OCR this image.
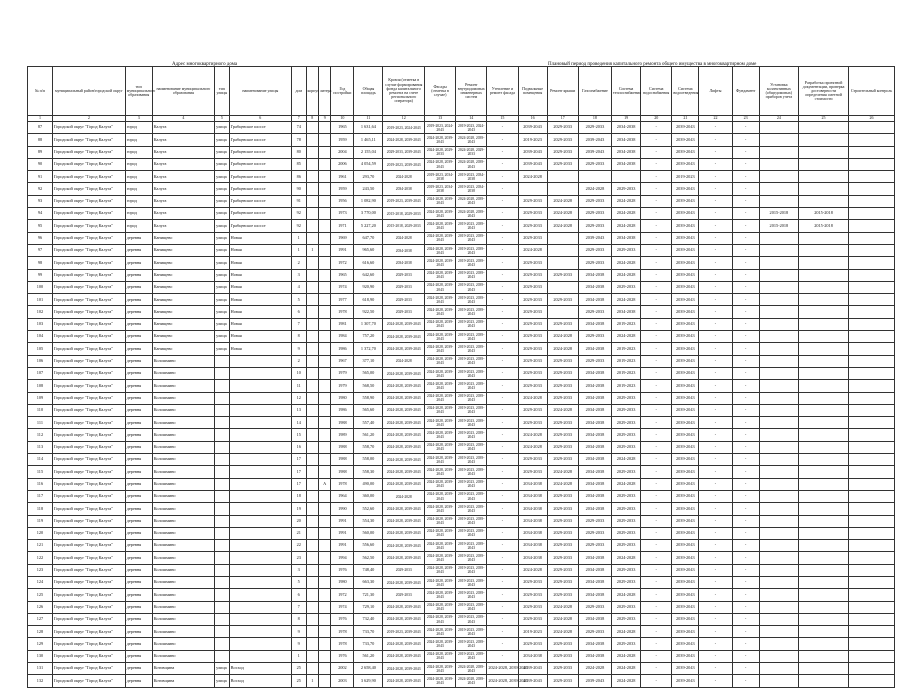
Адрес многоквартирного дома	Плановый период проведения капитального ремонта общего имущества в многоквартирном доме
№ п/п	муниципальный район/городской округ	тип муниципального образования	наименование муниципального образования	тип улицы	наименование улицы	дом	корпус	литера	Год постройки	Общая площадь	Кровля (отметка в случае формирования фонда капитального ремонта на счете регионального оператора)	Фасады (отметка в случае)	Ремонт внутридомовых инженерных систем	Утепление и ремонт фасада	Подвальные помещения	Ремонт крыши	Газоснабжение	Система теплоснабжения	Система водоснабжения	Система водоотведения	Лифты	Фундамент	Установка коллективных (общедомовых) приборов учета	Разработка проектной документации, проверка достоверности определения сметной стоимости	Строительный контроль
1	2	3	4	5	6	7	8	9	10	11	12	13	14	15	16	17	18	19	20	21	22	23	24	25	26
87	Городской округ "Город Калуга"	город	Калуга	улица	Грабцевское шоссе	74			1965	1 631,64	2019-2023, 2024-2043	2019-2023, 2024-2043	2019-2023, 2024-2043	-	2039-2043	2029-2033	2029-2033	2034-2038	-	2039-2043	-	-			
88	Городской округ "Город Калуга"	город	Калуга	улица	Грабцевское шоссе	78			1959	1 465,11	2024-2028, 2039-2043	2024-2028, 2039-2043	2024-2028, 2039-2043	-	2019-2023	2029-2033	2039-2043	2034-2038	-	2039-2043	-	-			
89	Городской округ "Город Калуга"	город	Калуга	улица	Грабцевское шоссе	80			2004	2 155,04	2029-2033, 2039-2043	2024-2028, 2029-2033	2024-2028, 2029-2033	-	2039-2043	2029-2033	2039-2043	2034-2038	-	2039-2043	-	-			
90	Городской округ "Город Калуга"	город	Калуга	улица	Грабцевское шоссе	85			2006	4 054,59	2019-2023, 2039-2043	2024-2028, 2039-2043	2024-2028, 2039-2043	-	2039-2043	2029-2033	2029-2033	2034-2038	-	2039-2043	-	-			
91	Городской округ "Город Калуга"	город	Калуга	улица	Грабцевское шоссе	86			1961	293,70	2024-2028	2019-2023, 2034-2038	2019-2023, 2034-2038	-	2024-2028				-	2019-2023	-	-			
92	Городской округ "Город Калуга"	город	Калуга	улица	Грабцевское шоссе	90			1959	243,50	2034-2038	2019-2023, 2034-2038	2019-2023, 2034-2038	-			2024-2028	2029-2033	-	2039-2043	-	-			
93	Городской округ "Город Калуга"	город	Калуга	улица	Грабцевское шоссе	91			1956	1 082,90	2019-2023, 2039-2043	2024-2028, 2039-2043	2024-2028, 2039-2043	-	2029-2033	2024-2028	2029-2033	2024-2028	-	2039-2043	-	-			
94	Городской округ "Город Калуга"	город	Калуга	улица	Грабцевское шоссе	92			1973	3 770,00	2015-2018, 2029-2033	2024-2028, 2039-2043	2024-2028, 2039-2043	-	2029-2033	2024-2028	2029-2033	2024-2028	-	2039-2043	-	-	2015-2018	2015-2018	
95	Городской округ "Город Калуга"	город	Калуга	улица	Грабцевское шоссе	92			1971	5 227,20	2015-2018, 2029-2033	2024-2028, 2039-2043	2019-2023, 2039-2043	-	2029-2033	2024-2028	2029-2033	2024-2028	-	2039-2043	-	-	2015-2018	2015-2018	
96	Городской округ "Город Калуга"	деревня	Канищево	улица	Новая	1			1969	647,70	2024-2028	2024-2028, 2039-2043	2019-2023, 2039-2043	-	2029-2033		2039-2043	2034-2038	-	2039-2043	-	-			
97	Городской округ "Город Калуга"	деревня	Канищево	улица	Новая	1	1		1991	965,60	2034-2038	2024-2028, 2039-2043	2019-2023, 2039-2043	-	2024-2028		2029-2033	2029-2033	-	2039-2043	-	-			
98	Городской округ "Город Калуга"	деревня	Канищево	улица	Новая	2			1972	616,60	2034-2038	2024-2028, 2039-2043	2019-2023, 2039-2043	-	2029-2033		2029-2033	2024-2028	-	2039-2043	-	-			
99	Городской округ "Город Калуга"	деревня	Канищево	улица	Новая	3			1965	642,60	2029-2033	2024-2028, 2039-2043	2019-2023, 2039-2043	-	2029-2033	2029-2033	2034-2038	2024-2028	-	2039-2043	-	-			
100	Городской округ "Город Калуга"	деревня	Канищево	улица	Новая	4			1974	920,90	2029-2033	2024-2028, 2039-2043	2019-2023, 2039-2043	-	2029-2033		2034-2038	2029-2033	-	2039-2043	-	-			
101	Городской округ "Город Калуга"	деревня	Канищево	улица	Новая	5			1977	618,90	2029-2033	2024-2028, 2039-2043	2019-2023, 2039-2043	-	2029-2033	2029-2033	2034-2038	2024-2028	-	2039-2043	-	-			
102	Городской округ "Город Калуга"	деревня	Канищево	улица	Новая	6			1978	922,50	2029-2033	2024-2028, 2039-2043	2019-2023, 2039-2043	-	2029-2033		2029-2033	2034-2038	-	2039-2043	-	-			
103	Городской округ "Город Калуга"	деревня	Канищево	улица	Новая	7			1981	1 307,70	2024-2028, 2039-2043	2024-2028, 2039-2043	2019-2023, 2039-2043	-	2029-2033	2029-2033	2034-2038	2019-2023	-	2039-2043	-	-			
104	Городской округ "Город Калуга"	деревня	Канищево	улица	Новая	8			1984	757,20	2024-2028, 2039-2043	2024-2028, 2039-2043	2019-2023, 2039-2043	-	2029-2033	2024-2028	2029-2033	2024-2028	-	2039-2043	-	-			
105	Городской округ "Город Калуга"	деревня	Канищево	улица	Новая	9			1986	1 372,70	2024-2028, 2039-2043	2024-2028, 2039-2043	2019-2023, 2039-2043	-	2029-2033	2024-2028	2034-2038	2019-2023	-	2039-2043	-	-			
106	Городской округ "Город Калуга"	деревня	Колошмино			2			1967	377,10	2024-2028	2024-2028, 2039-2043	2019-2023, 2039-2043	-	2029-2033	2029-2033	2029-2033	2019-2023	-	2039-2043	-	-			
107	Городской округ "Город Калуга"	деревня	Колошмино			10			1979	565,00	2024-2028, 2039-2043	2024-2028, 2039-2043	2019-2023, 2039-2043	-	2029-2033	2029-2033	2034-2038	2019-2023	-	2039-2043	-	-			
108	Городской округ "Город Калуга"	деревня	Колошмино			11			1979	568,50	2024-2028, 2039-2043	2024-2028, 2039-2043	2019-2023, 2039-2043	-	2029-2033	2029-2033	2034-2038	2019-2023	-	2039-2043	-	-			
109	Городской округ "Город Калуга"	деревня	Колошмино			12			1980	558,90	2024-2028, 2039-2043	2024-2028, 2039-2043	2019-2023, 2039-2043	-	2024-2028	2029-2033	2034-2038	2029-2033	-	2039-2043	-	-			
110	Городской округ "Город Калуга"	деревня	Колошмино			13			1986	565,60	2024-2028, 2039-2043	2024-2028, 2039-2043	2019-2023, 2039-2043	-	2029-2033	2024-2028	2034-2038	2029-2033	-	2039-2043	-	-			
111	Городской округ "Город Калуга"	деревня	Колошмино			14			1988	557,40	2024-2028, 2039-2043	2024-2028, 2039-2043	2019-2023, 2039-2043	-	2029-2033	2029-2033	2034-2038	2029-2033	-	2039-2043	-	-			
112	Городской округ "Город Калуга"	деревня	Колошмино			15			1989	561,20	2024-2028, 2039-2043	2024-2028, 2039-2043	2019-2023, 2039-2043	-	2024-2028	2029-2033	2034-2038	2029-2033	-	2039-2043	-	-			
113	Городской округ "Город Калуга"	деревня	Колошмино			16			1988	558,70	2024-2028, 2039-2043	2024-2028, 2039-2043	2019-2023, 2039-2043	-	2024-2028	2029-2033	2034-2038	2029-2033	-	2039-2043	-	-			
114	Городской округ "Город Калуга"	деревня	Колошмино			17			1988	558,00	2024-2028, 2039-2043	2024-2028, 2039-2043	2019-2023, 2039-2043	-	2029-2033	2029-2033	2034-2038	2024-2028	-	2039-2043	-	-			
115	Городской округ "Город Калуга"	деревня	Колошмино			17			1988	558,30	2024-2028, 2039-2043	2024-2028, 2039-2043	2019-2023, 2039-2043	-	2029-2033	2024-2028	2034-2038	2029-2033	-	2039-2043	-	-			
116	Городской округ "Город Калуга"	деревня	Колошмино			17		А	1978	490,00	2024-2028, 2039-2043	2024-2028, 2039-2043	2019-2023, 2039-2043	-	2034-2038	2024-2028	2034-2038	2024-2028	-	2039-2043	-	-			
117	Городской округ "Город Калуга"	деревня	Колошмино			18			1964	360,00	2024-2028	2024-2028, 2039-2043	2019-2023, 2039-2043	-	2034-2038	2029-2033	2034-2038	2029-2033	-	2039-2043	-	-			
118	Городской округ "Город Калуга"	деревня	Колошмино			19			1990	552,60	2024-2028, 2039-2043	2024-2028, 2039-2043	2019-2023, 2039-2043	-	2034-2038	2029-2033	2034-2038	2029-2033	-	2039-2043	-	-			
119	Городской округ "Город Калуга"	деревня	Колошмино			20			1991	554,30	2024-2028, 2039-2043	2024-2028, 2039-2043	2019-2023, 2039-2043	-	2034-2038	2029-2033	2029-2033	2029-2033	-	2039-2043	-	-			
120	Городской округ "Город Калуга"	деревня	Колошмино			21			1991	560,00	2024-2028, 2039-2043	2024-2028, 2039-2043	2019-2023, 2039-2043	-	2034-2038	2029-2033	2029-2033	2029-2033	-	2039-2043	-	-			
121	Городской округ "Город Калуга"	деревня	Колошмино			22			1991	556,60	2024-2028, 2039-2043	2024-2028, 2039-2043	2019-2023, 2039-2043	-	2034-2038	2029-2033	2029-2033	2029-2033	-	2039-2043	-	-			
122	Городской округ "Город Калуга"	деревня	Колошмино			23			1994	562,50	2024-2028, 2039-2043	2024-2028, 2039-2043	2019-2023, 2039-2043	-	2034-2038	2029-2033	2034-2038	2024-2028	-	2039-2043	-	-			
123	Городской округ "Город Калуга"	деревня	Колошмино			3			1976	748,40	2029-2033	2024-2028, 2039-2043	2019-2023, 2039-2043	-	2024-2028	2029-2033	2034-2038	2029-2033	-	2039-2043	-	-			
124	Городской округ "Город Калуга"	деревня	Колошмино			5			1980	663,30	2024-2028, 2039-2043	2024-2028, 2039-2043	2019-2023, 2039-2043	-	2029-2033	2029-2033	2034-2038	2029-2033	-	2039-2043	-	-			
125	Городской округ "Город Калуга"	деревня	Колошмино			6			1972	721,30	2029-2033	2024-2028, 2039-2043	2019-2023, 2039-2043	-	2029-2033	2029-2033	2034-2038	2024-2028	-	2039-2043	-	-			
126	Городской округ "Город Калуга"	деревня	Колошмино			7			1974	729,10	2024-2028, 2039-2043	2024-2028, 2039-2043	2019-2023, 2039-2043	-	2029-2033	2024-2028	2029-2033	2029-2033	-	2039-2043	-	-			
127	Городской округ "Город Калуга"	деревня	Колошмино			8			1976	732,40	2024-2028, 2039-2043	2024-2028, 2039-2043	2019-2023, 2039-2043	-	2029-2033	2024-2028	2034-2038	2029-2033	-	2039-2043	-	-			
128	Городской округ "Город Калуга"	деревня	Колошмино			9			1978	733,70	2019-2023, 2039-2043	2024-2028, 2039-2043	2019-2023, 2039-2043	-	2019-2023	2024-2028	2029-2033	2024-2028	-	2039-2043	-	-			
129	Городской округ "Город Калуга"	деревня	Колошмино			9			1978	733,70	2024-2028, 2039-2043	2024-2028, 2039-2043	2019-2023, 2039-2043	-	2029-2033	2029-2033	2034-2038	2029-2033	-	2039-2043	-	-			
130	Городской округ "Город Калуга"	деревня	Колошмино			1			1976	561,20	2024-2028, 2039-2043	2024-2028, 2039-2043	2019-2023, 2039-2043	-	2034-2038	2029-2033	2034-2038	2024-2028	-	2039-2043	-	-			
131	Городской округ "Город Калуга"	деревня	Котовщина	улица	Восход	25			2002	2 658,40	2024-2028, 2039-2043	2024-2028, 2039-2043	2024-2028, 2039-2043	2024-2028, 2039-2043	2039-2043	2029-2033	2024-2028	2024-2028	-	2039-2043	-	-			
132	Городской округ "Город Калуга"	деревня	Котовщина	улица	Восход	25	1		2003	3 629,90	2024-2028, 2039-2043	2024-2028, 2039-2043	2024-2028, 2039-2043	2024-2028, 2039-2043	2039-2043	2029-2033	2039-2043	2024-2028	-	2039-2043	-	-			
